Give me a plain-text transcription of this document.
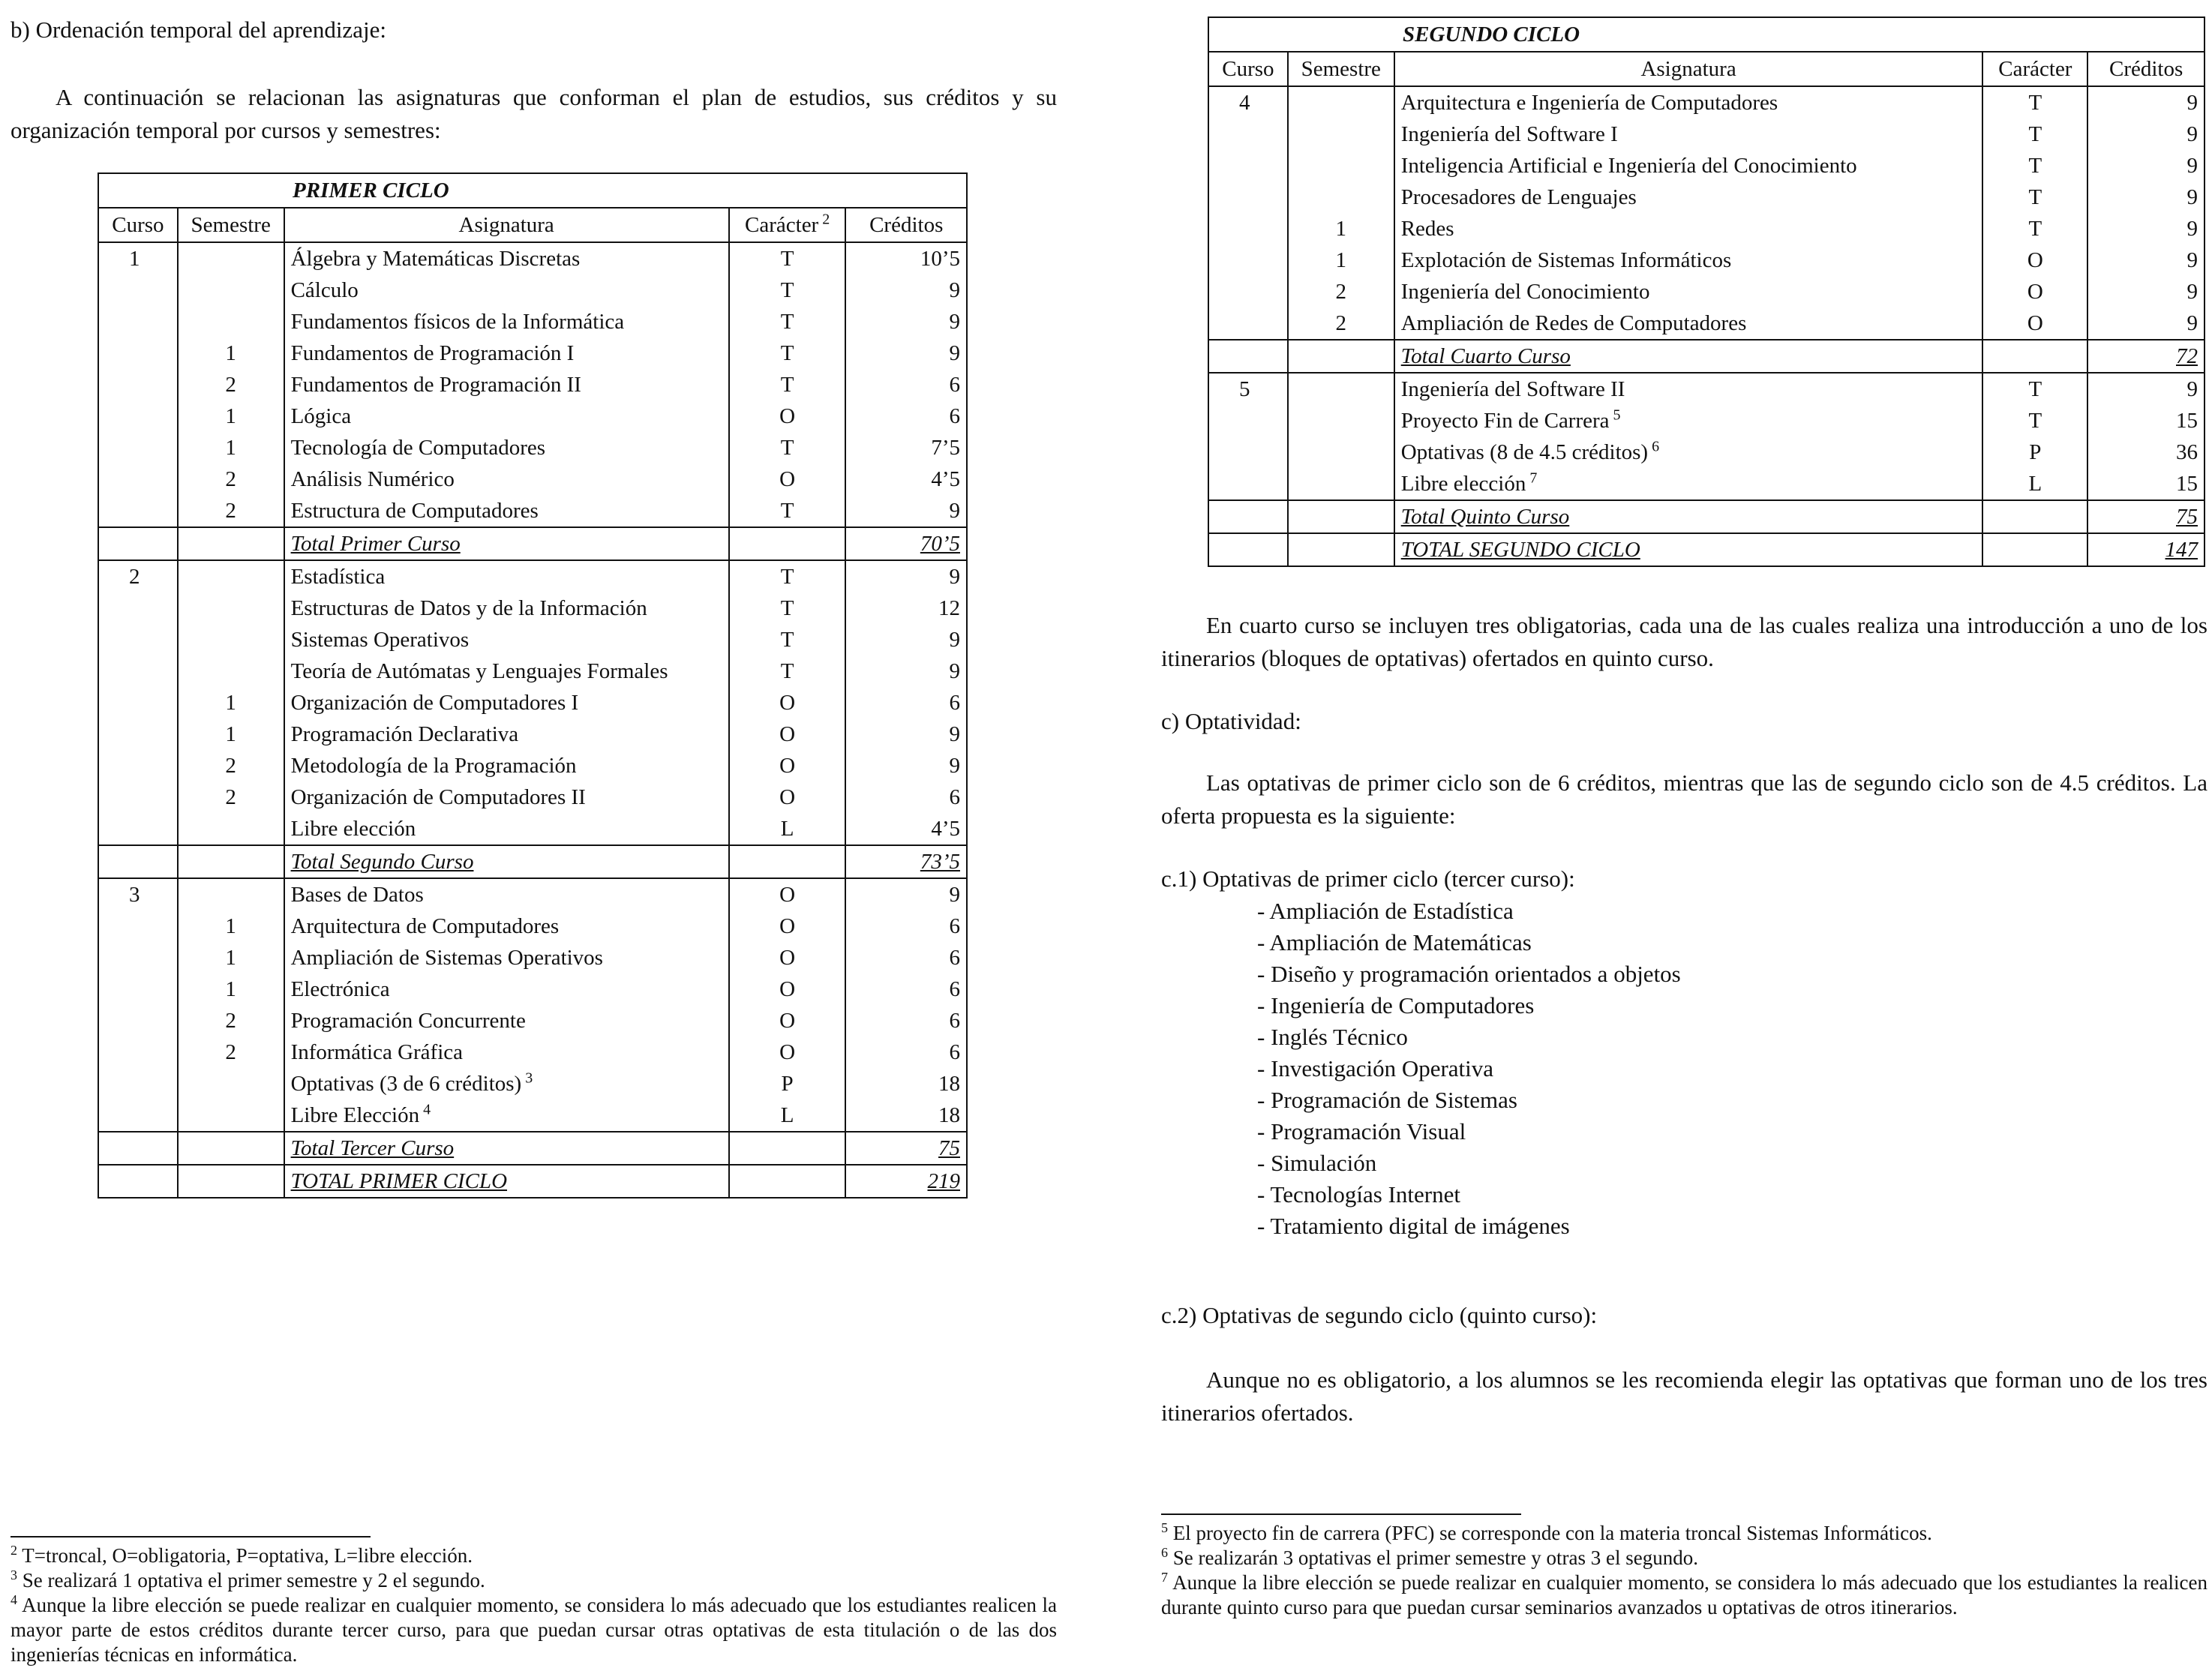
b) Ordenación temporal del aprendizaje:

A continuación se relacionan las asignaturas que conforman el plan de estudios, sus créditos y su organización temporal por cursos y semestres:

PRIMER CICLO				
Curso	Semestre	Asignatura	Carácter $^2$	Créditos
1		Álgebra y Matemáticas Discretas	T	10’5
		Cálculo	T	9
		Fundamentos físicos de la Informática	T	9
	1	Fundamentos de Programación I	T	9
	2	Fundamentos de Programación II	T	6
	1	Lógica	O	6
	1	Tecnología de Computadores	T	7’5
	2	Análisis Numérico	O	4’5
	2	Estructura de Computadores	T	9
		Total Primer Curso		70’5
2		Estadística	T	9
		Estructuras de Datos y de la Información	T	12
		Sistemas Operativos	T	9
		Teoría de Autómatas y Lenguajes Formales	T	9
	1	Organización de Computadores I	O	6
	1	Programación Declarativa	O	9
	2	Metodología de la Programación	O	9
	2	Organización de Computadores II	O	6
		Libre elección	L	4’5
		Total Segundo Curso		73’5
3		Bases de Datos	O	9
	1	Arquitectura de Computadores	O	6
	1	Ampliación de Sistemas Operativos	O	6
	1	Electrónica	O	6
	2	Programación Concurrente	O	6
	2	Informática Gráfica	O	6
		Optativas (3 de 6 créditos) $^3$	P	18
		Libre Elección $^4$	L	18
		Total Tercer Curso		75
		TOTAL PRIMER CICLO		219
$^2$ T=troncal, O=obligatoria, P=optativa, L=libre elección.
$^3$ Se realizará 1 optativa el primer semestre y 2 el segundo.
$^4$ Aunque la libre elección se puede realizar en cualquier momento, se considera lo más adecuado que los estudiantes realicen la mayor parte de estos créditos durante tercer curso, para que puedan cursar otras optativas de esta titulación o de las dos ingenierías técnicas en informática.
SEGUNDO CICLO				
Curso	Semestre	Asignatura	Carácter	Créditos
4		Arquitectura e Ingeniería de Computadores	T	9
		Ingeniería del Software I	T	9
		Inteligencia Artificial e Ingeniería del Conocimiento	T	9
		Procesadores de Lenguajes	T	9
	1	Redes	T	9
	1	Explotación de Sistemas Informáticos	O	9
	2	Ingeniería del Conocimiento	O	9
	2	Ampliación de Redes de Computadores	O	9
		Total Cuarto Curso		72
5		Ingeniería del Software II	T	9
		Proyecto Fin de Carrera $^5$	T	15
		Optativas (8 de 4.5 créditos) $^6$	P	36
		Libre elección $^7$	L	15
		Total Quinto Curso		75
		TOTAL SEGUNDO CICLO		147

En cuarto curso se incluyen tres obligatorias, cada una de las cuales realiza una introducción a uno de los itinerarios (bloques de optativas) ofertados en quinto curso.

c) Optatividad:

Las optativas de primer ciclo son de 6 créditos, mientras que las de segundo ciclo son de 4.5 créditos. La oferta propuesta es la siguiente:

c.1) Optativas de primer ciclo (tercer curso):

- Ampliación de Estadística
- Ampliación de Matemáticas
- Diseño y programación orientados a objetos
- Ingeniería de Computadores
- Inglés Técnico
- Investigación Operativa
- Programación de Sistemas
- Programación Visual
- Simulación
- Tecnologías Internet
- Tratamiento digital de imágenes

c.2) Optativas de segundo ciclo (quinto curso):

Aunque no es obligatorio, a los alumnos se les recomienda elegir las optativas que forman uno de los tres itinerarios ofertados.

$^5$ El proyecto fin de carrera (PFC) se corresponde con la materia troncal Sistemas Informáticos.
$^6$ Se realizarán 3 optativas el primer semestre y otras 3 el segundo.
$^7$ Aunque la libre elección se puede realizar en cualquier momento, se considera lo más adecuado que los estudiantes la realicen durante quinto curso para que puedan cursar seminarios avanzados u optativas de otros itinerarios.
